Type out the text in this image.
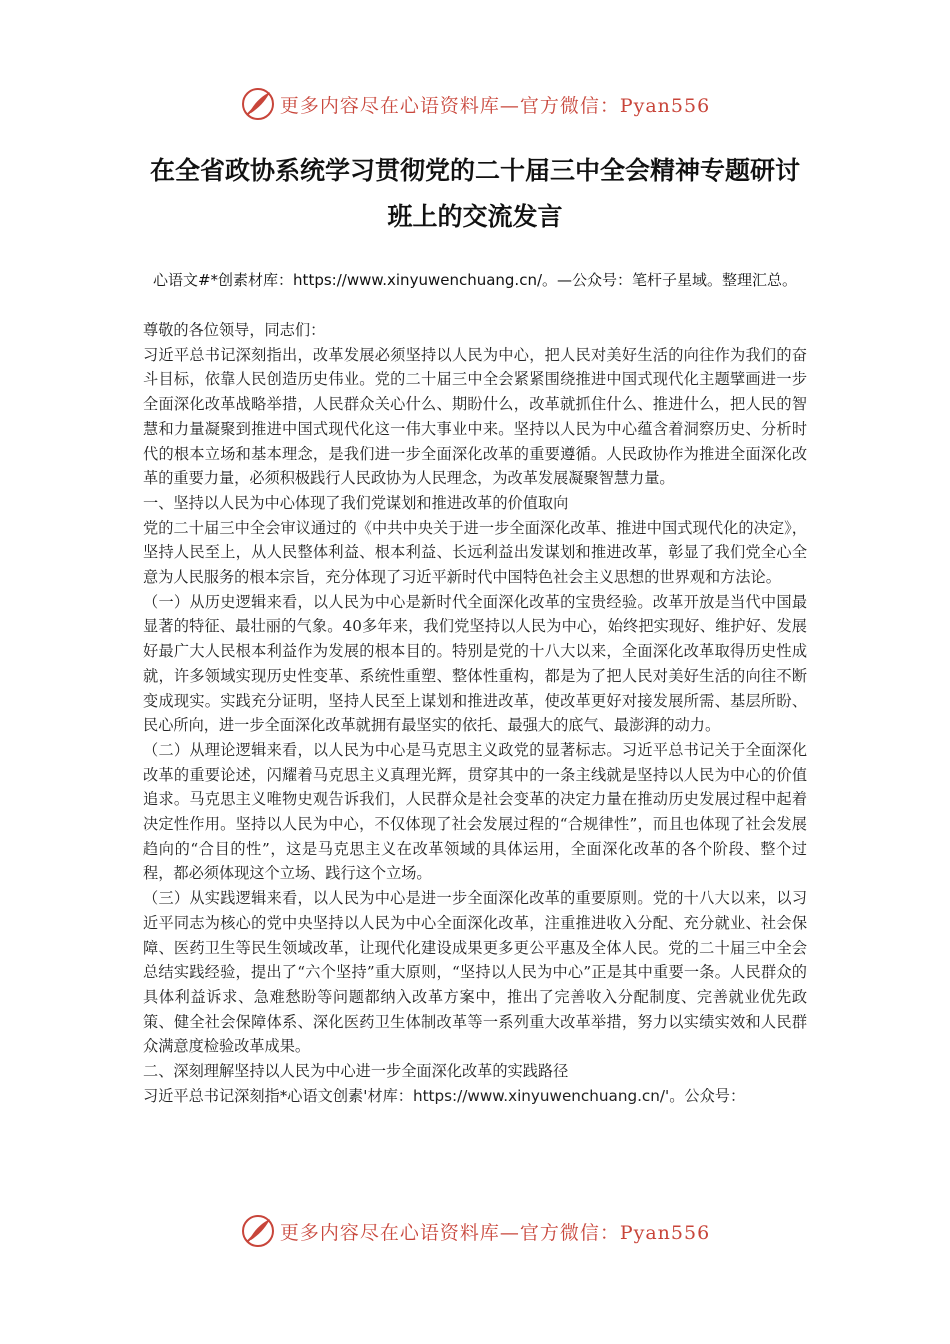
更多内容尽在心语资料库—官方微信：Pyan556
在全省政协系统学习贯彻党的二十届三中全会精神专题研讨班上的交流发言
心语文#*创素材库：https://www.xinyuwenchuang.cn/。—公众号：笔杆子星域。整理汇总。

尊敬的各位领导，同志们：

习近平总书记深刻指出，改革发展必须坚持以人民为中心，把人民对美好生活的向往作为我们的奋斗目标，依靠人民创造历史伟业。党的二十届三中全会紧紧围绕推进中国式现代化主题擘画进一步全面深化改革战略举措，人民群众关心什么、期盼什么，改革就抓住什么、推进什么，把人民的智慧和力量凝聚到推进中国式现代化这一伟大事业中来。坚持以人民为中心蕴含着洞察历史、分析时代的根本立场和基本理念，是我们进一步全面深化改革的重要遵循。人民政协作为推进全面深化改革的重要力量，必须积极践行人民政协为人民理念，为改革发展凝聚智慧力量。

一、坚持以人民为中心体现了我们党谋划和推进改革的价值取向

党的二十届三中全会审议通过的《中共中央关于进一步全面深化改革、推进中国式现代化的决定》，坚持人民至上，从人民整体利益、根本利益、长远利益出发谋划和推进改革，彰显了我们党全心全意为人民服务的根本宗旨，充分体现了习近平新时代中国特色社会主义思想的世界观和方法论。

（一）从历史逻辑来看，以人民为中心是新时代全面深化改革的宝贵经验。改革开放是当代中国最显著的特征、最壮丽的气象。40多年来，我们党坚持以人民为中心，始终把实现好、维护好、发展好最广大人民根本利益作为发展的根本目的。特别是党的十八大以来，全面深化改革取得历史性成就，许多领域实现历史性变革、系统性重塑、整体性重构，都是为了把人民对美好生活的向往不断变成现实。实践充分证明，坚持人民至上谋划和推进改革，使改革更好对接发展所需、基层所盼、民心所向，进一步全面深化改革就拥有最坚实的依托、最强大的底气、最澎湃的动力。

（二）从理论逻辑来看，以人民为中心是马克思主义政党的显著标志。习近平总书记关于全面深化改革的重要论述，闪耀着马克思主义真理光辉，贯穿其中的一条主线就是坚持以人民为中心的价值追求。马克思主义唯物史观告诉我们，人民群众是社会变革的决定力量在推动历史发展过程中起着决定性作用。坚持以人民为中心，不仅体现了社会发展过程的“合规律性”，而且也体现了社会发展趋向的“合目的性”，这是马克思主义在改革领域的具体运用，全面深化改革的各个阶段、整个过程，都必须体现这个立场、践行这个立场。

（三）从实践逻辑来看，以人民为中心是进一步全面深化改革的重要原则。党的十八大以来，以习近平同志为核心的党中央坚持以人民为中心全面深化改革，注重推进收入分配、充分就业、社会保障、医药卫生等民生领域改革，让现代化建设成果更多更公平惠及全体人民。党的二十届三中全会总结实践经验，提出了“六个坚持”重大原则，“坚持以人民为中心”正是其中重要一条。人民群众的具体利益诉求、急难愁盼等问题都纳入改革方案中，推出了完善收入分配制度、完善就业优先政策、健全社会保障体系、深化医药卫生体制改革等一系列重大改革举措，努力以实绩实效和人民群众满意度检验改革成果。

二、深刻理解坚持以人民为中心进一步全面深化改革的实践路径

习近平总书记深刻指*心语文创素'材库：https://www.xinyuwenchuang.cn/'。公众号：

更多内容尽在心语资料库—官方微信：Pyan556
